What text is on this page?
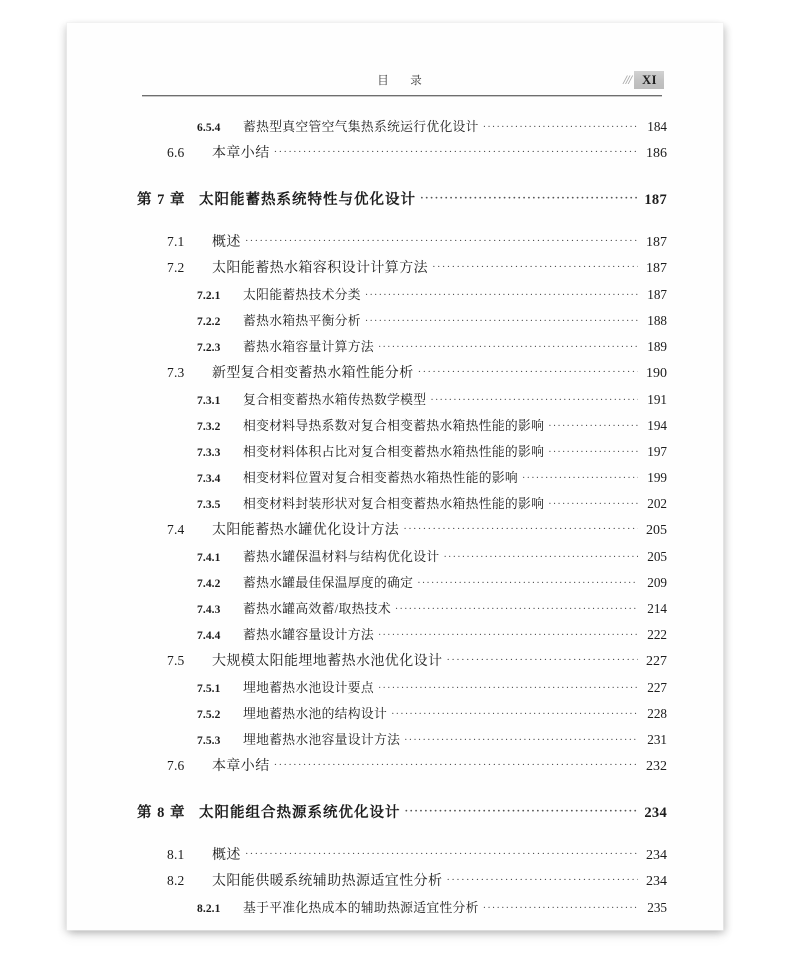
目　录	/// XI
6.5.4	蓄热型真空管空气集热系统运行优化设计 ·····	184
6.6	本章小结 ·····	186
第 7 章 太阳能蓄热系统特性与优化设计 ·····	187
7.1	概述 ·····	187
7.2	太阳能蓄热水箱容积设计计算方法 ·····	187
7.2.1	太阳能蓄热技术分类 ·····	187
7.2.2	蓄热水箱热平衡分析 ·····	188
7.2.3	蓄热水箱容量计算方法 ·····	189
7.3	新型复合相变蓄热水箱性能分析 ·····	190
7.3.1	复合相变蓄热水箱传热数学模型 ·····	191
7.3.2	相变材料导热系数对复合相变蓄热水箱热性能的影响 ·····	194
7.3.3	相变材料体积占比对复合相变蓄热水箱热性能的影响 ·····	197
7.3.4	相变材料位置对复合相变蓄热水箱热性能的影响 ·····	199
7.3.5	相变材料封装形状对复合相变蓄热水箱热性能的影响 ·····	202
7.4	太阳能蓄热水罐优化设计方法 ·····	205
7.4.1	蓄热水罐保温材料与结构优化设计 ·····	205
7.4.2	蓄热水罐最佳保温厚度的确定 ·····	209
7.4.3	蓄热水罐高效蓄/取热技术 ·····	214
7.4.4	蓄热水罐容量设计方法 ·····	222
7.5	大规模太阳能埋地蓄热水池优化设计 ·····	227
7.5.1	埋地蓄热水池设计要点 ·····	227
7.5.2	埋地蓄热水池的结构设计 ·····	228
7.5.3	埋地蓄热水池容量设计方法 ·····	231
7.6	本章小结 ·····	232
第 8 章 太阳能组合热源系统优化设计 ·····	234
8.1	概述 ·····	234
8.2	太阳能供暖系统辅助热源适宜性分析 ·····	234
8.2.1	基于平准化热成本的辅助热源适宜性分析 ·····	235
